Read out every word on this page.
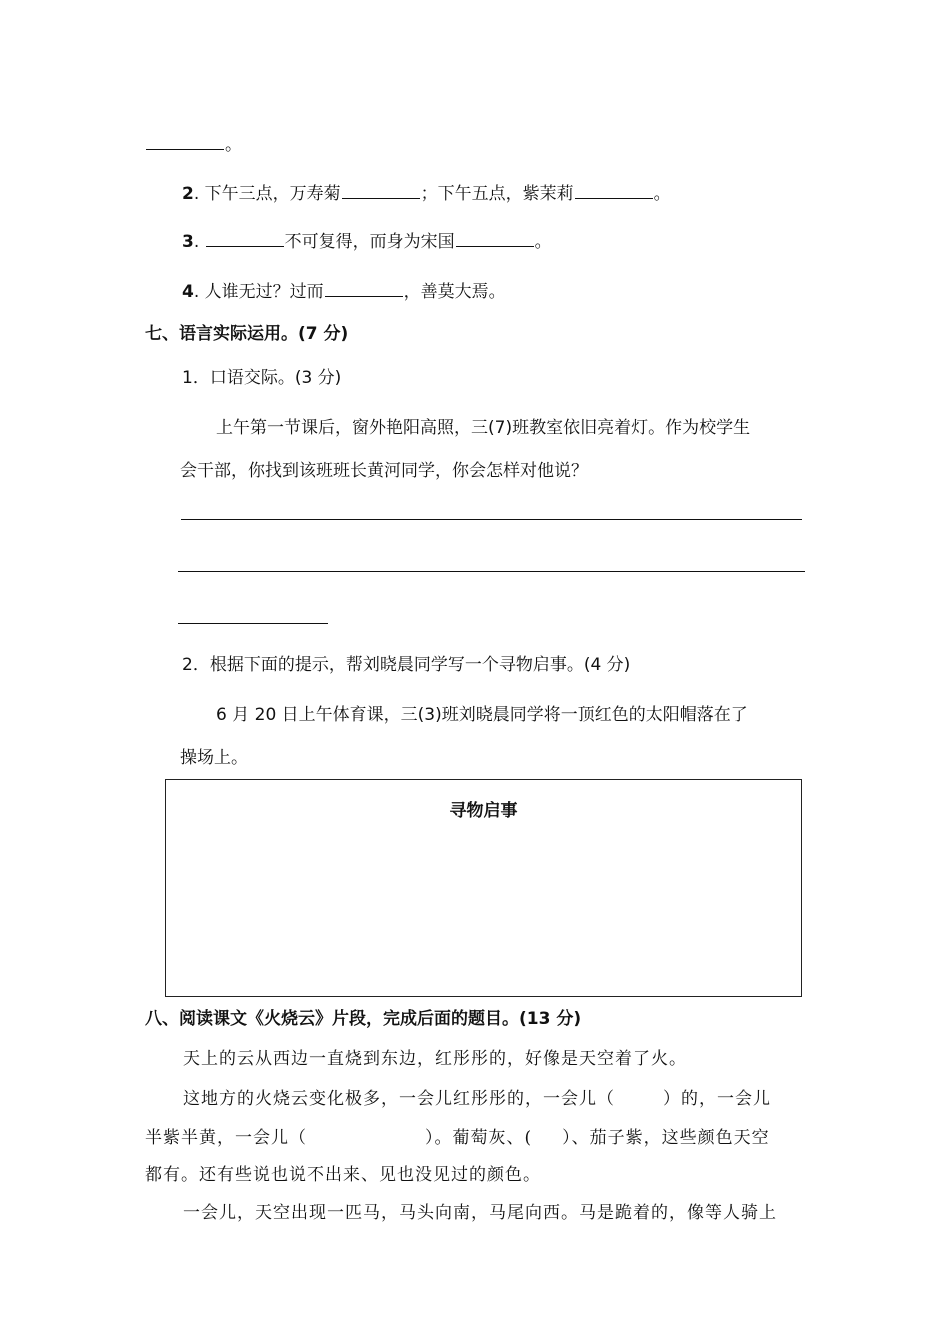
。
2. 下午三点，万寿菊	；下午五点，紫茉莉	。
3.	不可复得，而身为宋国	。
4. 人谁无过？过而	，善莫大焉。
七、语言实际运用。(7 分)
1．口语交际。(3 分)
上午第一节课后，窗外艳阳高照，三(7)班教室依旧亮着灯。作为校学生
会干部，你找到该班班长黄河同学，你会怎样对他说？
2．根据下面的提示，帮刘晓晨同学写一个寻物启事。(4 分)
6 月 20 日上午体育课，三(3)班刘晓晨同学将一顶红色的太阳帽落在了
操场上。
寻物启事
八、阅读课文《火烧云》片段，完成后面的题目。(13 分)
天上的云从西边一直烧到东边，红彤彤的，好像是天空着了火。
这地方的火烧云变化极多，一会儿红彤彤的，一会儿（	）的，一会儿
半紫半黄，一会儿（	）。葡萄灰、( ）、茄子紫，这些颜色天空
都有。还有些说也说不出来、见也没见过的颜色。
一会儿，天空出现一匹马，马头向南，马尾向西。马是跪着的，像等人骑上
